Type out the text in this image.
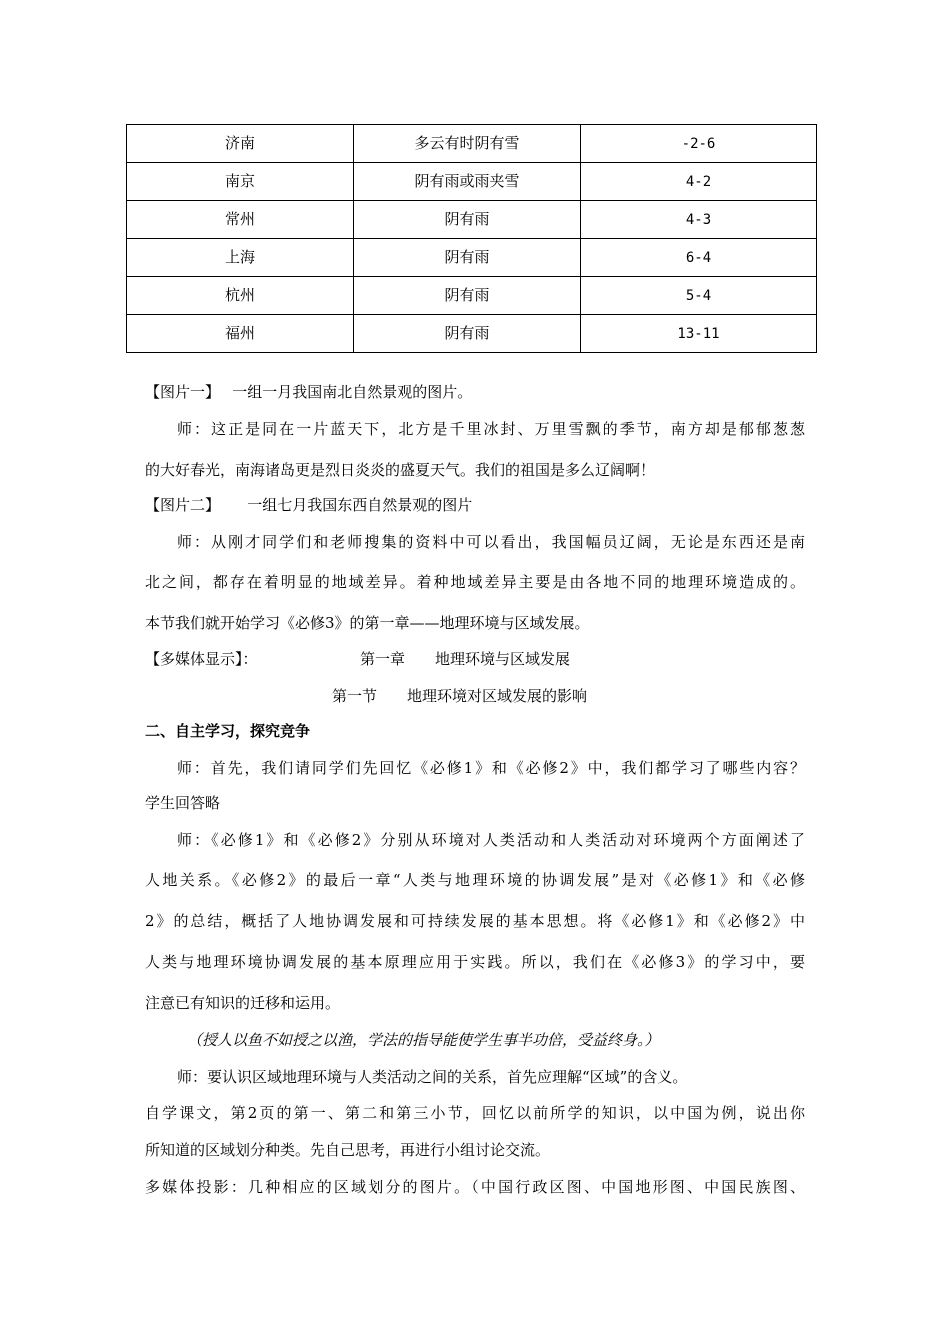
济南	多云有时阴有雪	-2-6
南京	阴有雨或雨夹雪	4-2
常州	阴有雨	4-3
上海	阴有雨	6-4
杭州	阴有雨	5-4
福州	阴有雨	13-11
【图片一】　 一组一月我国南北自然景观的图片。
师：这正是同在一片蓝天下，北方是千里冰封、万里雪飘的季节，南方却是郁郁葱葱
的大好春光，南海诸岛更是烈日炎炎的盛夏天气。我们的祖国是多么辽阔啊！
【图片二】　 　一组七月我国东西自然景观的图片
师：从刚才同学们和老师搜集的资料中可以看出，我国幅员辽阔，无论是东西还是南
北之间，都存在着明显的地域差异。着种地域差异主要是由各地不同的地理环境造成的。
本节我们就开始学习《必修3》的第一章——地理环境与区域发展。
【多媒体显示】：	第一章　　地理环境与区域发展
第一节　　地理环境对区域发展的影响
二、自主学习，探究竞争
师：首先，我们请同学们先回忆《必修1》和《必修2》中，我们都学习了哪些内容？
学生回答略
师：《必修1》和《必修2》分别从环境对人类活动和人类活动对环境两个方面阐述了
人地关系。《必修2》的最后一章“人类与地理环境的协调发展”是对《必修1》和《必修
2》的总结，概括了人地协调发展和可持续发展的基本思想。将《必修1》和《必修2》中
人类与地理环境协调发展的基本原理应用于实践。所以，我们在《必修3》的学习中，要
注意已有知识的迁移和运用。
（授人以鱼不如授之以渔，学法的指导能使学生事半功倍，受益终身。）
师：要认识区域地理环境与人类活动之间的关系，首先应理解“区域”的含义。
自学课文，第2页的第一、第二和第三小节，回忆以前所学的知识，以中国为例，说出你
所知道的区域划分种类。先自己思考，再进行小组讨论交流。
多媒体投影：几种相应的区域划分的图片。（中国行政区图、中国地形图、中国民族图、
